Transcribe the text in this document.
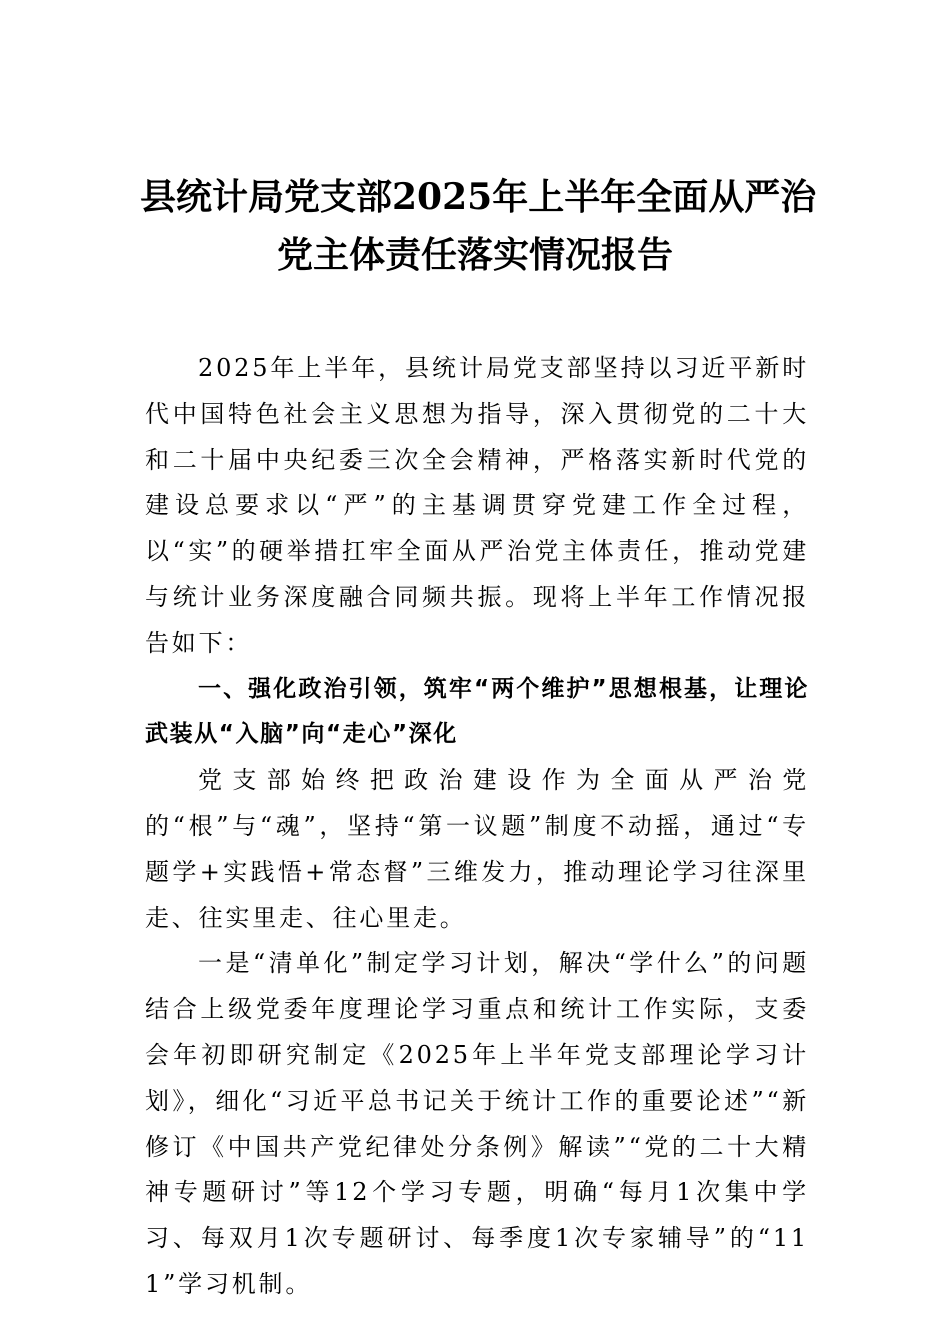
县统计局党支部2025年上半年全面从严治
党主体责任落实情况报告

2025年上半年，县统计局党支部坚持以习近平新时代中国特色社会主义思想为指导，深入贯彻党的二十大和二十届中央纪委三次全会精神，严格落实新时代党的建设总要求以“严”的主基调贯穿党建工作全过程，以“实”的硬举措扛牢全面从严治党主体责任，推动党建与统计业务深度融合同频共振。现将上半年工作情况报告如下：

一、强化政治引领，筑牢“两个维护”思想根基，让理论武装从“入脑”向“走心”深化

党支部始终把政治建设作为全面从严治党的“根”与“魂”，坚持“第一议题”制度不动摇，通过“专题学+实践悟+常态督”三维发力，推动理论学习往深里走、往实里走、往心里走。

一是“清单化”制定学习计划，解决“学什么”的问题结合上级党委年度理论学习重点和统计工作实际，支委会年初即研究制定《2025年上半年党支部理论学习计划》，细化“习近平总书记关于统计工作的重要论述”“新修订《中国共产党纪律处分条例》解读”“党的二十大精神专题研讨”等12个学习专题，明确“每月1次集中学习、每双月1次专题研讨、每季度1次专家辅导”的“111”学习机制。
